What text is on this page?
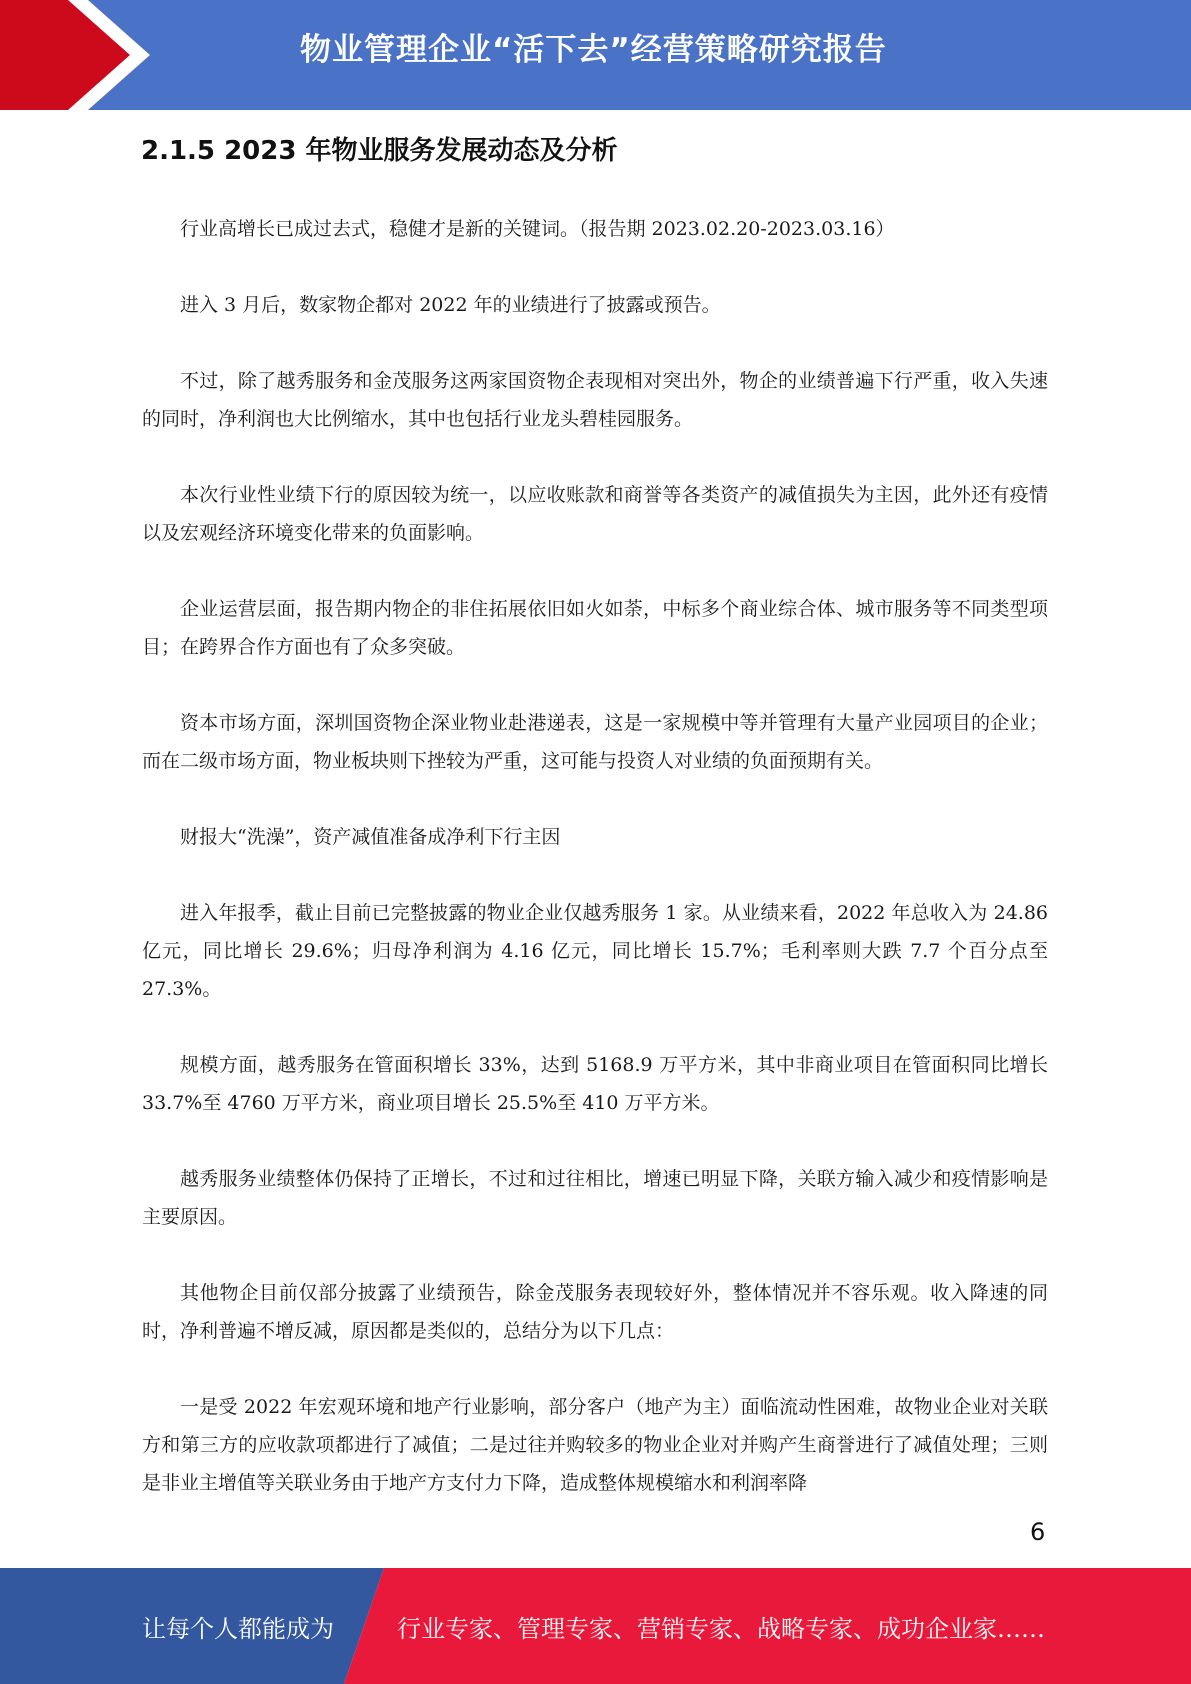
物业管理企业“活下去”经营策略研究报告
2.1.5 2023 年物业服务发展动态及分析

行业高增长已成过去式，稳健才是新的关键词。（报告期 2023.02.20-2023.03.16）

进入 3 月后，数家物企都对 2022 年的业绩进行了披露或预告。

不过，除了越秀服务和金茂服务这两家国资物企表现相对突出外，物企的业绩普遍下行严重，收入失速的同时，净利润也大比例缩水，其中也包括行业龙头碧桂园服务。

本次行业性业绩下行的原因较为统一，以应收账款和商誉等各类资产的减值损失为主因，此外还有疫情以及宏观经济环境变化带来的负面影响。

企业运营层面，报告期内物企的非住拓展依旧如火如荼，中标多个商业综合体、城市服务等不同类型项目；在跨界合作方面也有了众多突破。

资本市场方面，深圳国资物企深业物业赴港递表，这是一家规模中等并管理有大量产业园项目的企业；而在二级市场方面，物业板块则下挫较为严重，这可能与投资人对业绩的负面预期有关。

财报大“洗澡”，资产减值准备成净利下行主因

进入年报季，截止目前已完整披露的物业企业仅越秀服务 1 家。从业绩来看，2022 年总收入为 24.86 亿元，同比增长 29.6%；归母净利润为 4.16 亿元，同比增长 15.7%；毛利率则大跌 7.7 个百分点至 27.3%。

规模方面，越秀服务在管面积增长 33%，达到 5168.9 万平方米，其中非商业项目在管面积同比增长 33.7%至 4760 万平方米，商业项目增长 25.5%至 410 万平方米。

越秀服务业绩整体仍保持了正增长，不过和过往相比，增速已明显下降，关联方输入减少和疫情影响是主要原因。

其他物企目前仅部分披露了业绩预告，除金茂服务表现较好外，整体情况并不容乐观。收入降速的同时，净利普遍不增反减，原因都是类似的，总结分为以下几点：

一是受 2022 年宏观环境和地产行业影响，部分客户（地产为主）面临流动性困难，故物业企业对关联方和第三方的应收款项都进行了减值；二是过往并购较多的物业企业对并购产生商誉进行了减值处理；三则是非业主增值等关联业务由于地产方支付力下降，造成整体规模缩水和利润率降

6
让每个人都能成为	行业专家、管理专家、营销专家、战略专家、成功企业家……
